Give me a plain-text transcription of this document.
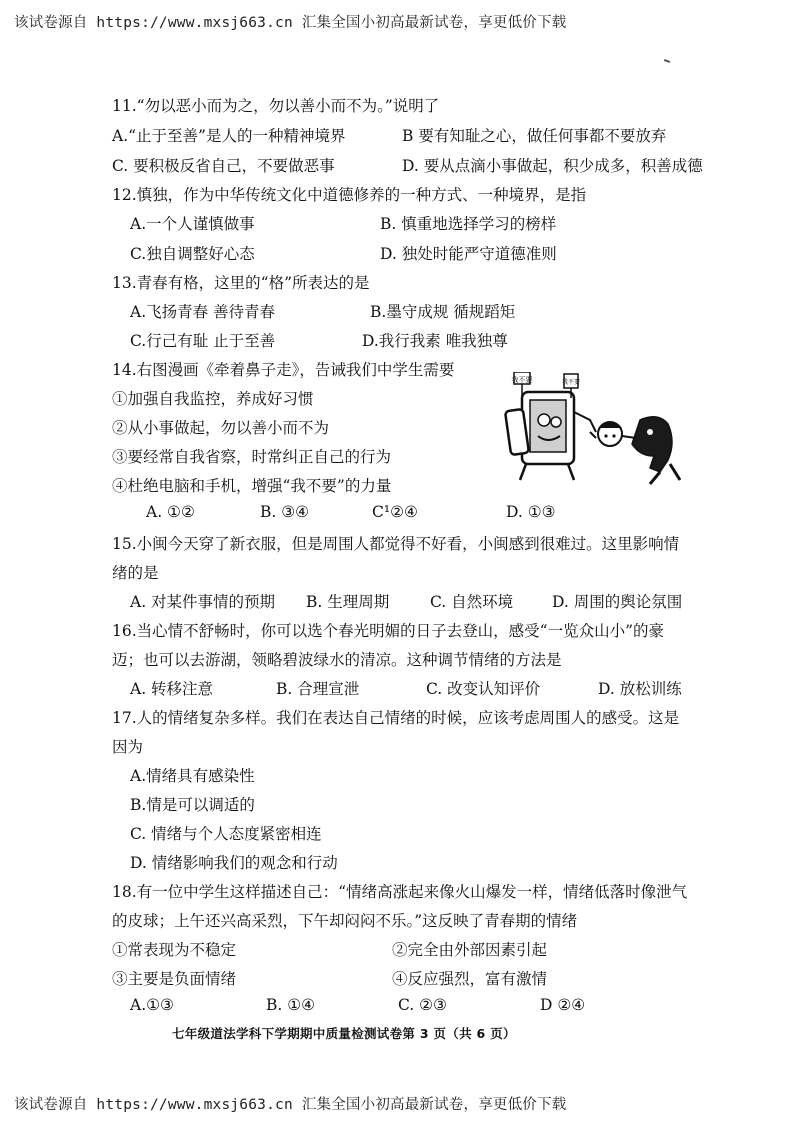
该试卷源自 https://www.mxsj663.cn 汇集全国小初高最新试卷，享更低价下载
11.“勿以恶小而为之，勿以善小而不为。”说明了
A.“止于至善”是人的一种精神境界	B 要有知耻之心，做任何事都不要放弃
C. 要积极反省自己，不要做恶事	D. 要从点滴小事做起，积少成多，积善成德
12.慎独，作为中华传统文化中道德修养的一种方式、一种境界，是指
A.一个人谨慎做事	B. 慎重地选择学习的榜样
C.独自调整好心态	D. 独处时能严守道德准则
13.青春有格，这里的“格”所表达的是
A.飞扬青春 善待青春	B.墨守成规 循规蹈矩
C.行己有耻 止于至善	D.我行我素 唯我独尊
14.右图漫画《牵着鼻子走》，告诫我们中学生需要
①加强自我监控，养成好习惯
②从小事做起，勿以善小而不为
③要经常自我省察，时常纠正自己的行为
④杜绝电脑和手机，增强“我不要”的力量
A. ①②	B. ③④	C¹②④	D. ①③
我不要	我不要
15.小闽今天穿了新衣服，但是周围人都觉得不好看，小闽感到很难过。这里影响情
绪的是
A. 对某件事情的预期 B. 生理周期	C. 自然环境	D. 周围的舆论氛围
16.当心情不舒畅时，你可以选个春光明媚的日子去登山，感受“一览众山小”的豪
迈；也可以去游湖，领略碧波绿水的清凉。这种调节情绪的方法是
A. 转移注意	B. 合理宣泄	C. 改变认知评价	D. 放松训练
17.人的情绪复杂多样。我们在表达自己情绪的时候，应该考虑周围人的感受。这是
因为
A.情绪具有感染性
B.情是可以调适的
C. 情绪与个人态度紧密相连
D. 情绪影响我们的观念和行动
18.有一位中学生这样描述自己：“情绪高涨起来像火山爆发一样，情绪低落时像泄气
的皮球；上午还兴高采烈，下午却闷闷不乐。”这反映了青春期的情绪
①常表现为不稳定	②完全由外部因素引起
③主要是负面情绪	④反应强烈，富有激情
A.①③	B. ①④	C. ②③	D ②④
七年级道法学科下学期期中质量检测试卷第 3 页（共 6 页）
该试卷源自 https://www.mxsj663.cn 汇集全国小初高最新试卷，享更低价下载
